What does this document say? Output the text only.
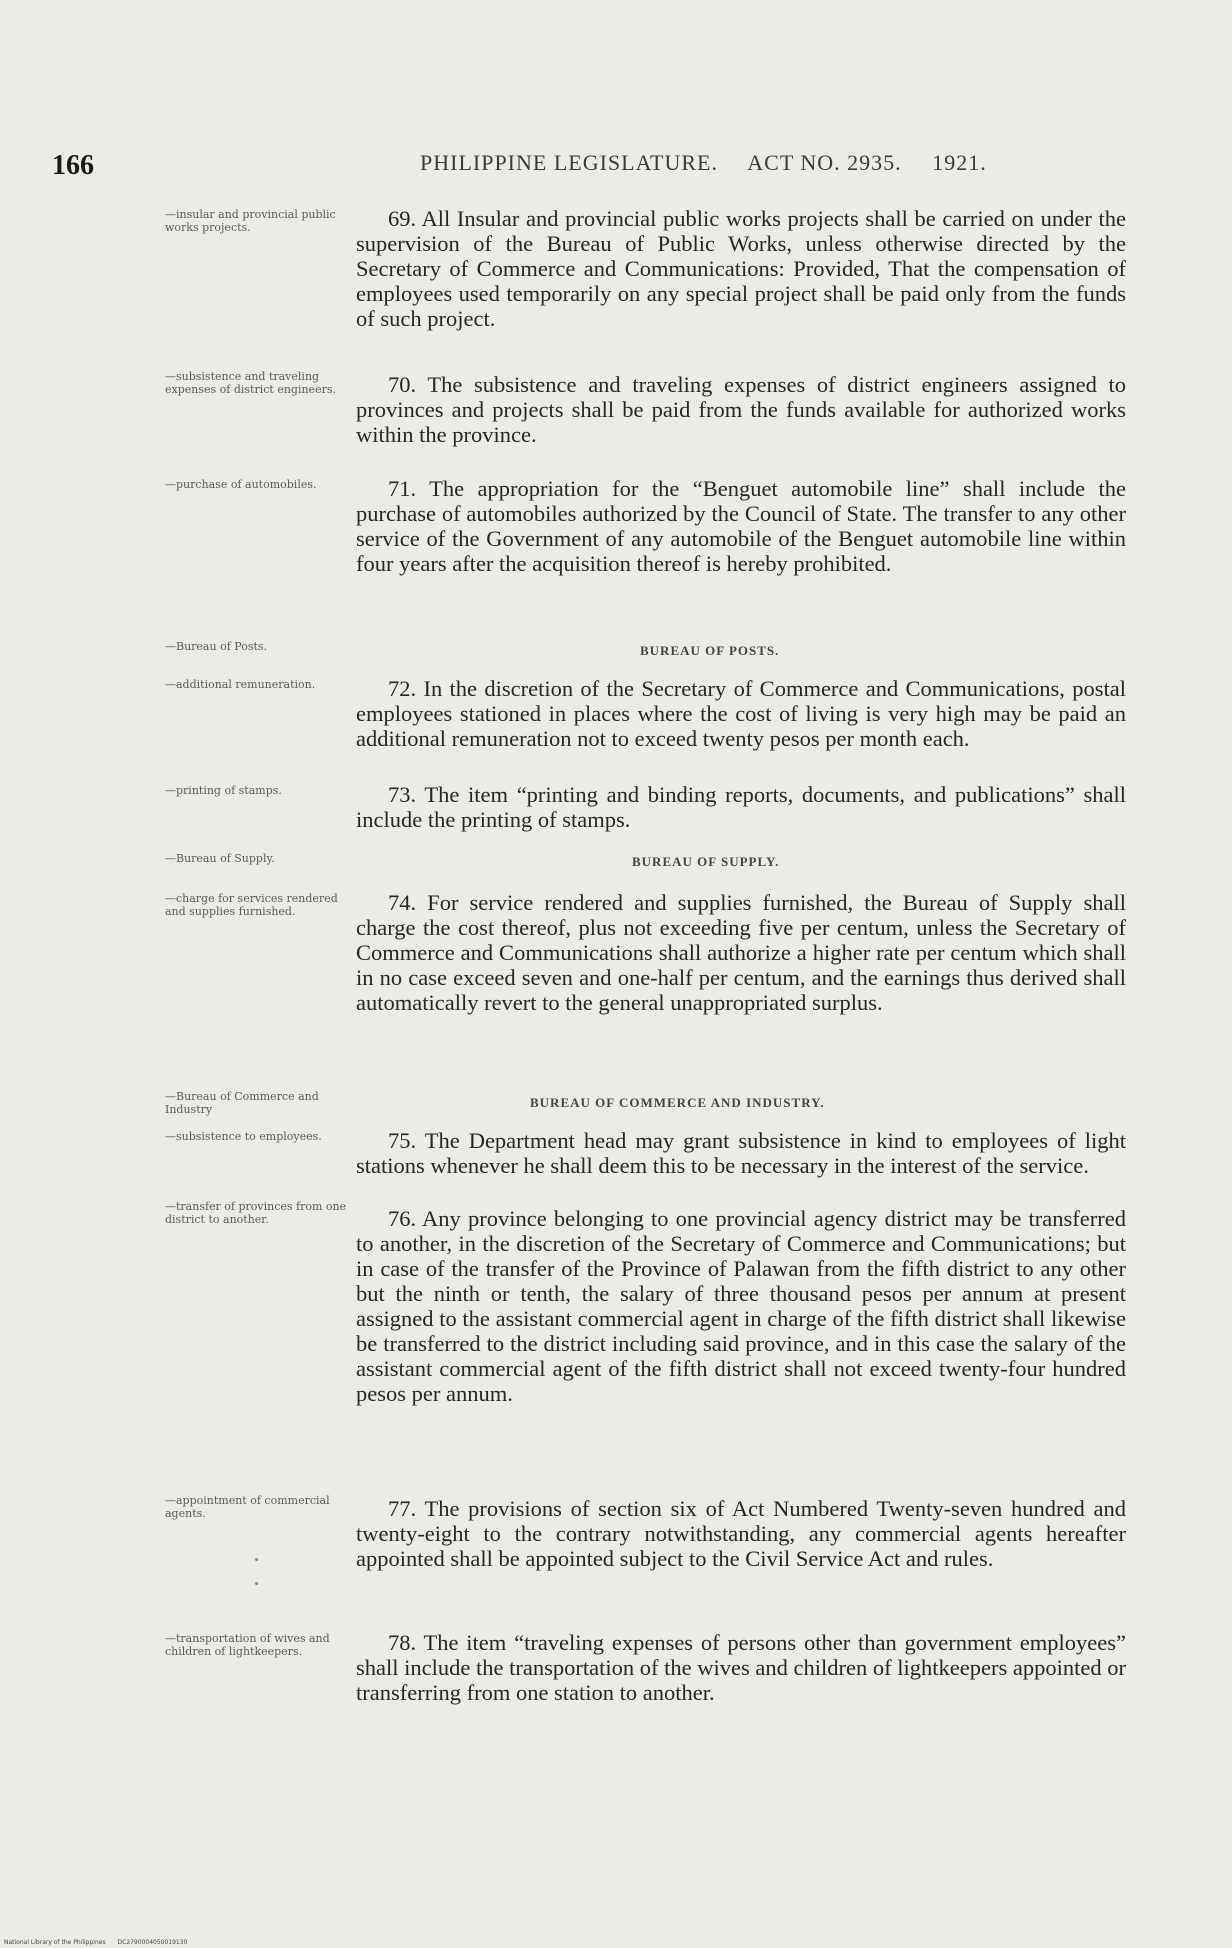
166	PHILIPPINE LEGISLATURE. ACT NO. 2935. 1921.
—insular and provincial public works projects.
—subsistence and traveling expenses of district engineers.
—purchase of automobiles.
—Bureau of Posts.
—additional remuneration.
—printing of stamps.
—Bureau of Supply.
—charge for services rendered and supplies furnished.
—Bureau of Commerce and Industry
—subsistence to employees.
—transfer of provinces from one district to another.
—appointment of commercial agents.
—transportation of wives and children of lightkeepers.

69. All Insular and provincial public works projects shall be carried on under the supervision of the Bureau of Public Works, unless otherwise directed by the Secretary of Commerce and Communications: Provided, That the compensation of employees used temporarily on any special project shall be paid only from the funds of such project.

70. The subsistence and traveling expenses of district engineers assigned to provinces and projects shall be paid from the funds available for authorized works within the province.

71. The appropriation for the “Benguet automobile line” shall include the purchase of automobiles authorized by the Council of State. The transfer to any other service of the Government of any automobile of the Benguet automobile line within four years after the acquisition thereof is hereby prohibited.

BUREAU OF POSTS.

72. In the discretion of the Secretary of Commerce and Communications, postal employees stationed in places where the cost of living is very high may be paid an additional remuneration not to exceed twenty pesos per month each.

73. The item “printing and binding reports, documents, and publications” shall include the printing of stamps.

BUREAU OF SUPPLY.

74. For service rendered and supplies furnished, the Bureau of Supply shall charge the cost thereof, plus not exceeding five per centum, unless the Secretary of Commerce and Communications shall authorize a higher rate per centum which shall in no case exceed seven and one-half per centum, and the earnings thus derived shall automatically revert to the general unappropriated surplus.

BUREAU OF COMMERCE AND INDUSTRY.

75. The Department head may grant subsistence in kind to employees of light stations whenever he shall deem this to be necessary in the interest of the service.

76. Any province belonging to one provincial agency district may be transferred to another, in the discretion of the Secretary of Commerce and Communications; but in case of the transfer of the Province of Palawan from the fifth district to any other but the ninth or tenth, the salary of three thousand pesos per annum at present assigned to the assistant commercial agent in charge of the fifth district shall likewise be transferred to the district including said province, and in this case the salary of the assistant commercial agent of the fifth district shall not exceed twenty-four hundred pesos per annum.

77. The provisions of section six of Act Numbered Twenty-seven hundred and twenty-eight to the contrary notwithstanding, any commercial agents hereafter appointed shall be appointed subject to the Civil Service Act and rules.

78. The item “traveling expenses of persons other than government employees” shall include the transportation of the wives and children of lightkeepers appointed or transferring from one station to another.

National Library of the Philippines DC2790004050019130
